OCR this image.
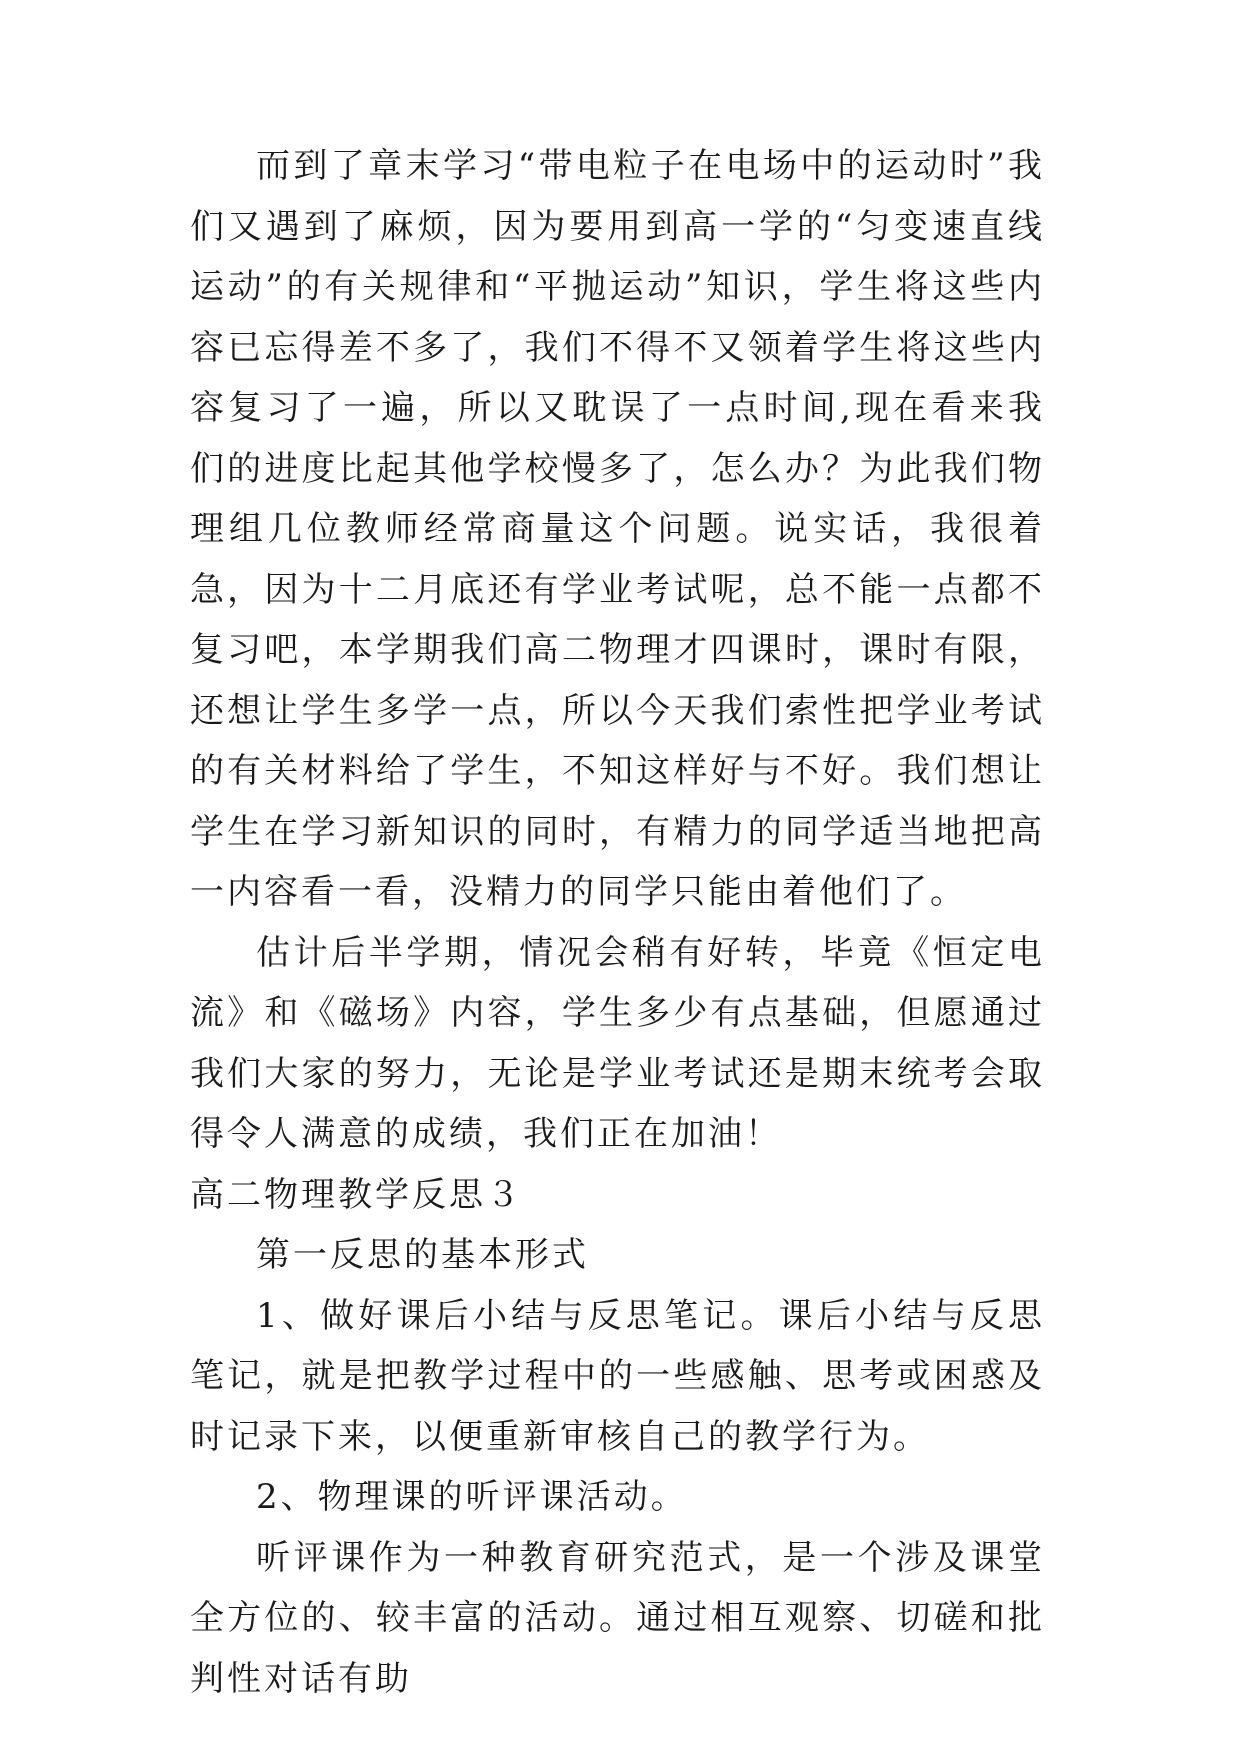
而到了章末学习“带电粒子在电场中的运动时”我们又遇到了麻烦，因为要用到高一学的“匀变速直线运动”的有关规律和“平抛运动”知识，学生将这些内容已忘得差不多了，我们不得不又领着学生将这些内容复习了一遍，所以又耽误了一点时间,现在看来我们的进度比起其他学校慢多了，怎么办？为此我们物理组几位教师经常商量这个问题。说实话，我很着急，因为十二月底还有学业考试呢，总不能一点都不复习吧，本学期我们高二物理才四课时，课时有限，还想让学生多学一点，所以今天我们索性把学业考试的有关材料给了学生，不知这样好与不好。我们想让学生在学习新知识的同时，有精力的同学适当地把高一内容看一看，没精力的同学只能由着他们了。

估计后半学期，情况会稍有好转，毕竟《恒定电流》和《磁场》内容，学生多少有点基础，但愿通过我们大家的努力，无论是学业考试还是期末统考会取得令人满意的成绩，我们正在加油！

高二物理教学反思３

第一反思的基本形式

1、做好课后小结与反思笔记。课后小结与反思笔记，就是把教学过程中的一些感触、思考或困惑及时记录下来，以便重新审核自己的教学行为。

2、物理课的听评课活动。

听评课作为一种教育研究范式，是一个涉及课堂全方位的、较丰富的活动。通过相互观察、切磋和批判性对话有助
